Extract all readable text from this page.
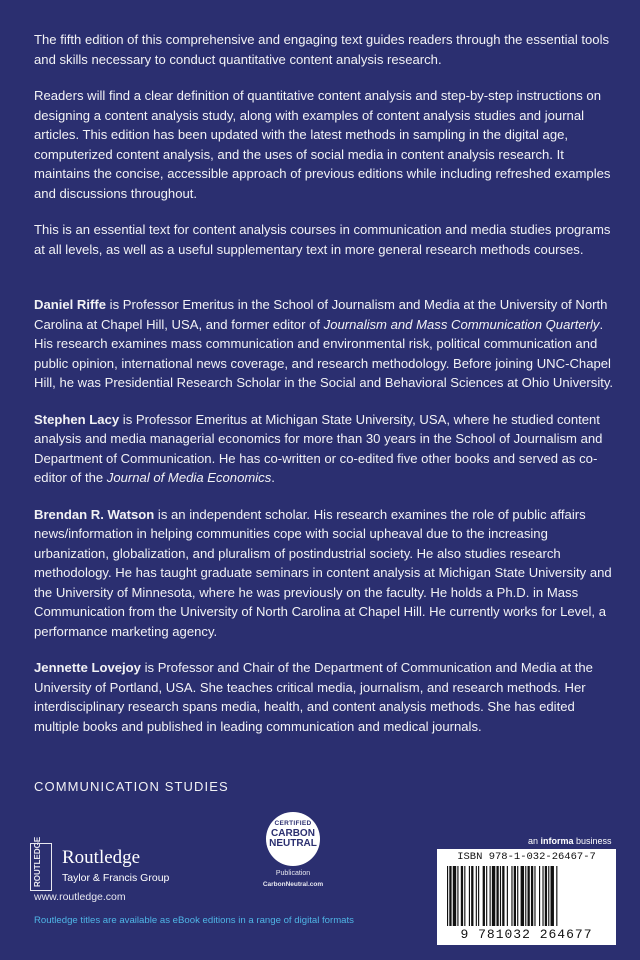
The fifth edition of this comprehensive and engaging text guides readers through the essential tools and skills necessary to conduct quantitative content analysis research.

Readers will find a clear definition of quantitative content analysis and step-by-step instructions on designing a content analysis study, along with examples of content analysis studies and journal articles. This edition has been updated with the latest methods in sampling in the digital age, computerized content analysis, and the uses of social media in content analysis research. It maintains the concise, accessible approach of previous editions while including refreshed examples and discussions throughout.

This is an essential text for content analysis courses in communication and media studies programs at all levels, as well as a useful supplementary text in more general research methods courses.

Daniel Riffe is Professor Emeritus in the School of Journalism and Media at the University of North Carolina at Chapel Hill, USA, and former editor of Journalism and Mass Communication Quarterly. His research examines mass communication and environmental risk, political communication and public opinion, international news coverage, and research methodology. Before joining UNC-Chapel Hill, he was Presidential Research Scholar in the Social and Behavioral Sciences at Ohio University.

Stephen Lacy is Professor Emeritus at Michigan State University, USA, where he studied content analysis and media managerial economics for more than 30 years in the School of Journalism and Department of Communication. He has co-written or co-edited five other books and served as co-editor of the Journal of Media Economics.

Brendan R. Watson is an independent scholar. His research examines the role of public affairs news/information in helping communities cope with social upheaval due to the increasing urbanization, globalization, and pluralism of postindustrial society. He also studies research methodology. He has taught graduate seminars in content analysis at Michigan State University and the University of Minnesota, where he was previously on the faculty. He holds a Ph.D. in Mass Communication from the University of North Carolina at Chapel Hill. He currently works for Level, a performance marketing agency.

Jennette Lovejoy is Professor and Chair of the Department of Communication and Media at the University of Portland, USA. She teaches critical media, journalism, and research methods. Her interdisciplinary research spans media, health, and content analysis methods. She has edited multiple books and published in leading communication and medical journals.

COMMUNICATION STUDIES
ROUTLEDGE	Routledge
Taylor & Francis Group
www.routledge.com
CERTIFIED
CARBON
NEUTRAL
Publication
CarbonNeutral.com
an informa business
ISBN 978-1-032-26467-7
9 781032 264677
Routledge titles are available as eBook editions in a range of digital formats
